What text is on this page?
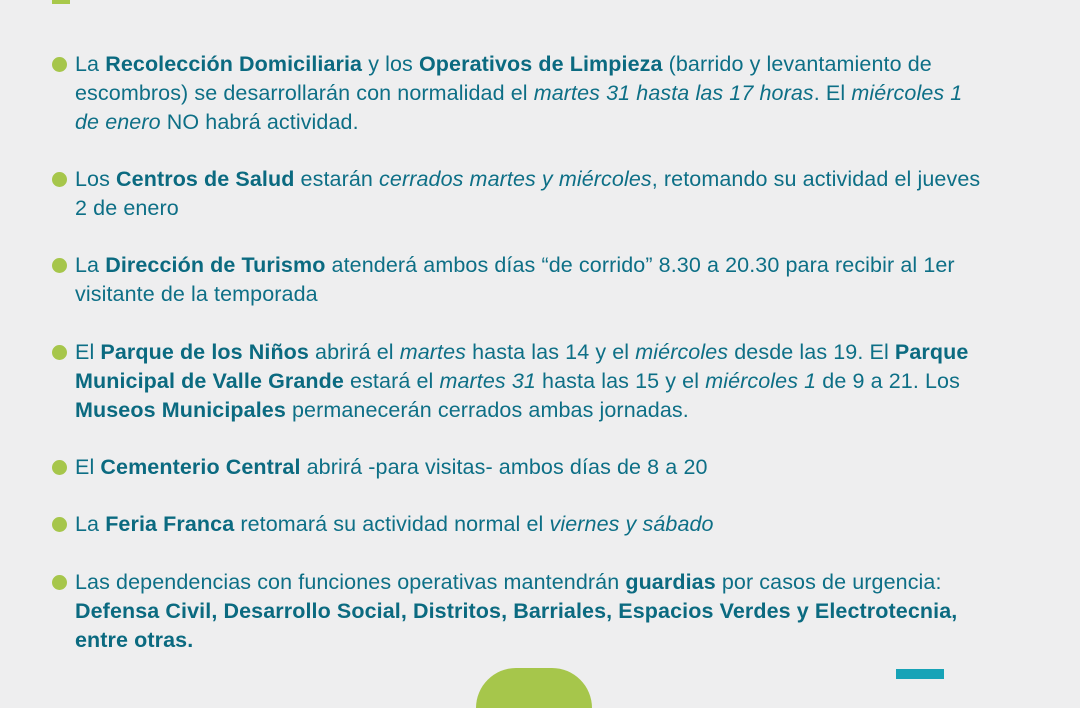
La Recolección Domiciliaria y los Operativos de Limpieza (barrido y levantamiento de escombros) se desarrollarán con normalidad el martes 31 hasta las 17 horas. El miércoles 1 de enero NO habrá actividad.

Los Centros de Salud estarán cerrados martes y miércoles, retomando su actividad el jueves 2 de enero

La Dirección de Turismo atenderá ambos días “de corrido” 8.30 a 20.30 para recibir al 1er visitante de la temporada

El Parque de los Niños abrirá el martes hasta las 14 y el miércoles desde las 19. El Parque Municipal de Valle Grande estará el martes 31 hasta las 15 y el miércoles 1 de 9 a 21. Los Museos Municipales permanecerán cerrados ambas jornadas.

El Cementerio Central abrirá -para visitas- ambos días de 8 a 20

La Feria Franca retomará su actividad normal el viernes y sábado

Las dependencias con funciones operativas mantendrán guardias por casos de urgencia: Defensa Civil, Desarrollo Social, Distritos, Barriales, Espacios Verdes y Electrotecnia, entre otras.
